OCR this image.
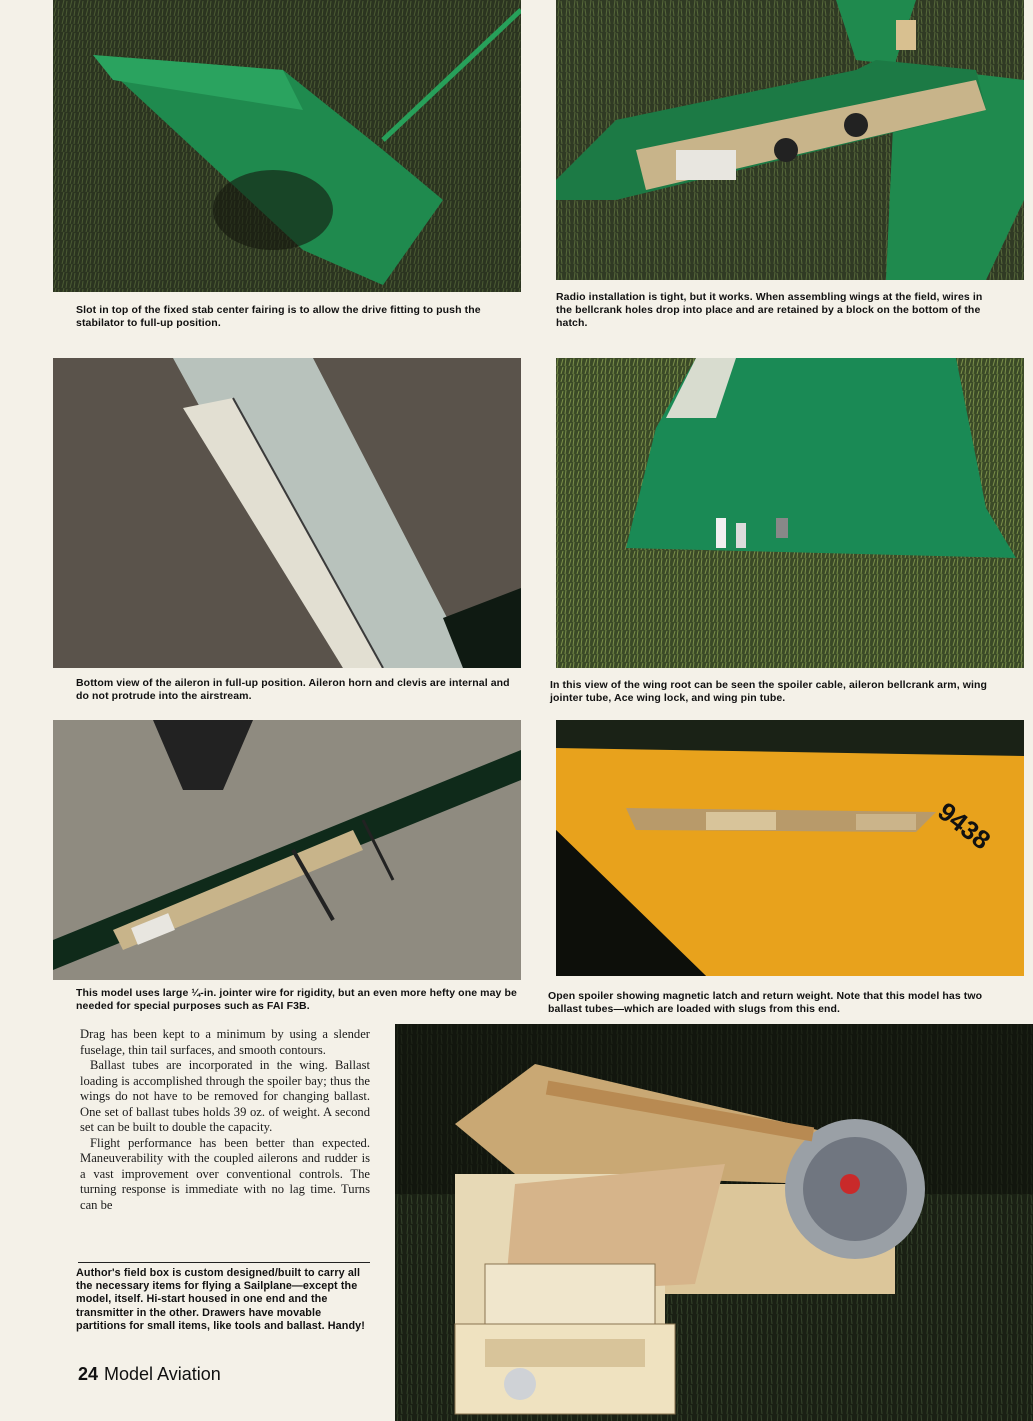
Slot in top of the fixed stab center fairing is to allow the drive fitting to push the stabilator to full-up position.
Radio installation is tight, but it works. When assembling wings at the field, wires in the bellcrank holes drop into place and are retained by a block on the bottom of the hatch.
Bottom view of the aileron in full-up position. Aileron horn and clevis are internal and do not protrude into the airstream.
In this view of the wing root can be seen the spoiler cable, aileron bellcrank arm, wing jointer tube, Ace wing lock, and wing pin tube.
9438
This model uses large ¼-in. jointer wire for rigidity, but an even more hefty one may be needed for special purposes such as FAI F3B.
Open spoiler showing magnetic latch and return weight. Note that this model has two ballast tubes—which are loaded with slugs from this end.

Drag has been kept to a minimum by using a slender fuselage, thin tail surfaces, and smooth contours.

Ballast tubes are incorporated in the wing. Ballast loading is accomplished through the spoiler bay; thus the wings do not have to be removed for changing ballast. One set of ballast tubes holds 39 oz. of weight. A second set can be built to double the capacity.

Flight performance has been better than expected. Maneuverability with the coupled ailerons and rudder is a vast improvement over conventional controls. The turning response is immediate with no lag time. Turns can be

Author's field box is custom designed/built to carry all the necessary items for flying a Sailplane—except the model, itself. Hi-start housed in one end and the transmitter in the other. Drawers have movable partitions for small items, like tools and ballast. Handy!
24 Model Aviation
